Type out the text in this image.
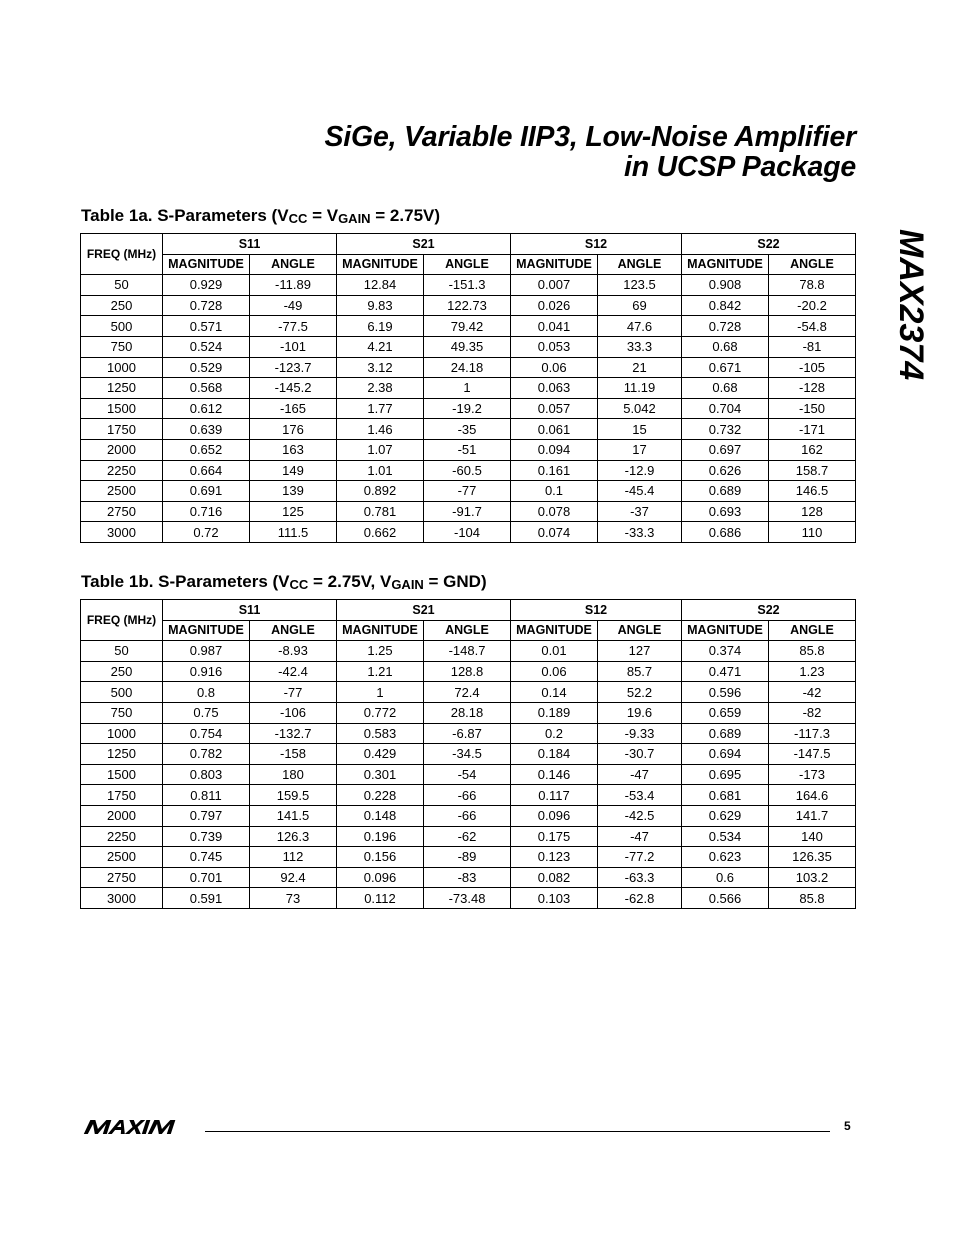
SiGe, Variable IIP3, Low-Noise Amplifier
in UCSP Package
MAX2374
Table 1a. S-Parameters $(V_{CC} = V_{GAIN} = 2.75V)$
FREQ (MHz)	S11		S21		S12		S22	
	MAGNITUDE	ANGLE	MAGNITUDE	ANGLE	MAGNITUDE	ANGLE	MAGNITUDE	ANGLE
50	0.929	-11.89	12.84	-151.3	0.007	123.5	0.908	78.8
250	0.728	-49	9.83	122.73	0.026	69	0.842	-20.2
500	0.571	-77.5	6.19	79.42	0.041	47.6	0.728	-54.8
750	0.524	-101	4.21	49.35	0.053	33.3	0.68	-81
1000	0.529	-123.7	3.12	24.18	0.06	21	0.671	-105
1250	0.568	-145.2	2.38	1	0.063	11.19	0.68	-128
1500	0.612	-165	1.77	-19.2	0.057	5.042	0.704	-150
1750	0.639	176	1.46	-35	0.061	15	0.732	-171
2000	0.652	163	1.07	-51	0.094	17	0.697	162
2250	0.664	149	1.01	-60.5	0.161	-12.9	0.626	158.7
2500	0.691	139	0.892	-77	0.1	-45.4	0.689	146.5
2750	0.716	125	0.781	-91.7	0.078	-37	0.693	128
3000	0.72	111.5	0.662	-104	0.074	-33.3	0.686	110
Table 1b. S-Parameters ($V_{CC} = 2.75V$, $V_{GAIN} = GND$)
FREQ (MHz)	S11		S21		S12		S22	
	MAGNITUDE	ANGLE	MAGNITUDE	ANGLE	MAGNITUDE	ANGLE	MAGNITUDE	ANGLE
50	0.987	-8.93	1.25	-148.7	0.01	127	0.374	85.8
250	0.916	-42.4	1.21	128.8	0.06	85.7	0.471	1.23
500	0.8	-77	1	72.4	0.14	52.2	0.596	-42
750	0.75	-106	0.772	28.18	0.189	19.6	0.659	-82
1000	0.754	-132.7	0.583	-6.87	0.2	-9.33	0.689	-117.3
1250	0.782	-158	0.429	-34.5	0.184	-30.7	0.694	-147.5
1500	0.803	180	0.301	-54	0.146	-47	0.695	-173
1750	0.811	159.5	0.228	-66	0.117	-53.4	0.681	164.6
2000	0.797	141.5	0.148	-66	0.096	-42.5	0.629	141.7
2250	0.739	126.3	0.196	-62	0.175	-47	0.534	140
2500	0.745	112	0.156	-89	0.123	-77.2	0.623	126.35
2750	0.701	92.4	0.096	-83	0.082	-63.3	0.6	103.2
3000	0.591	73	0.112	-73.48	0.103	-62.8	0.566	85.8
5
